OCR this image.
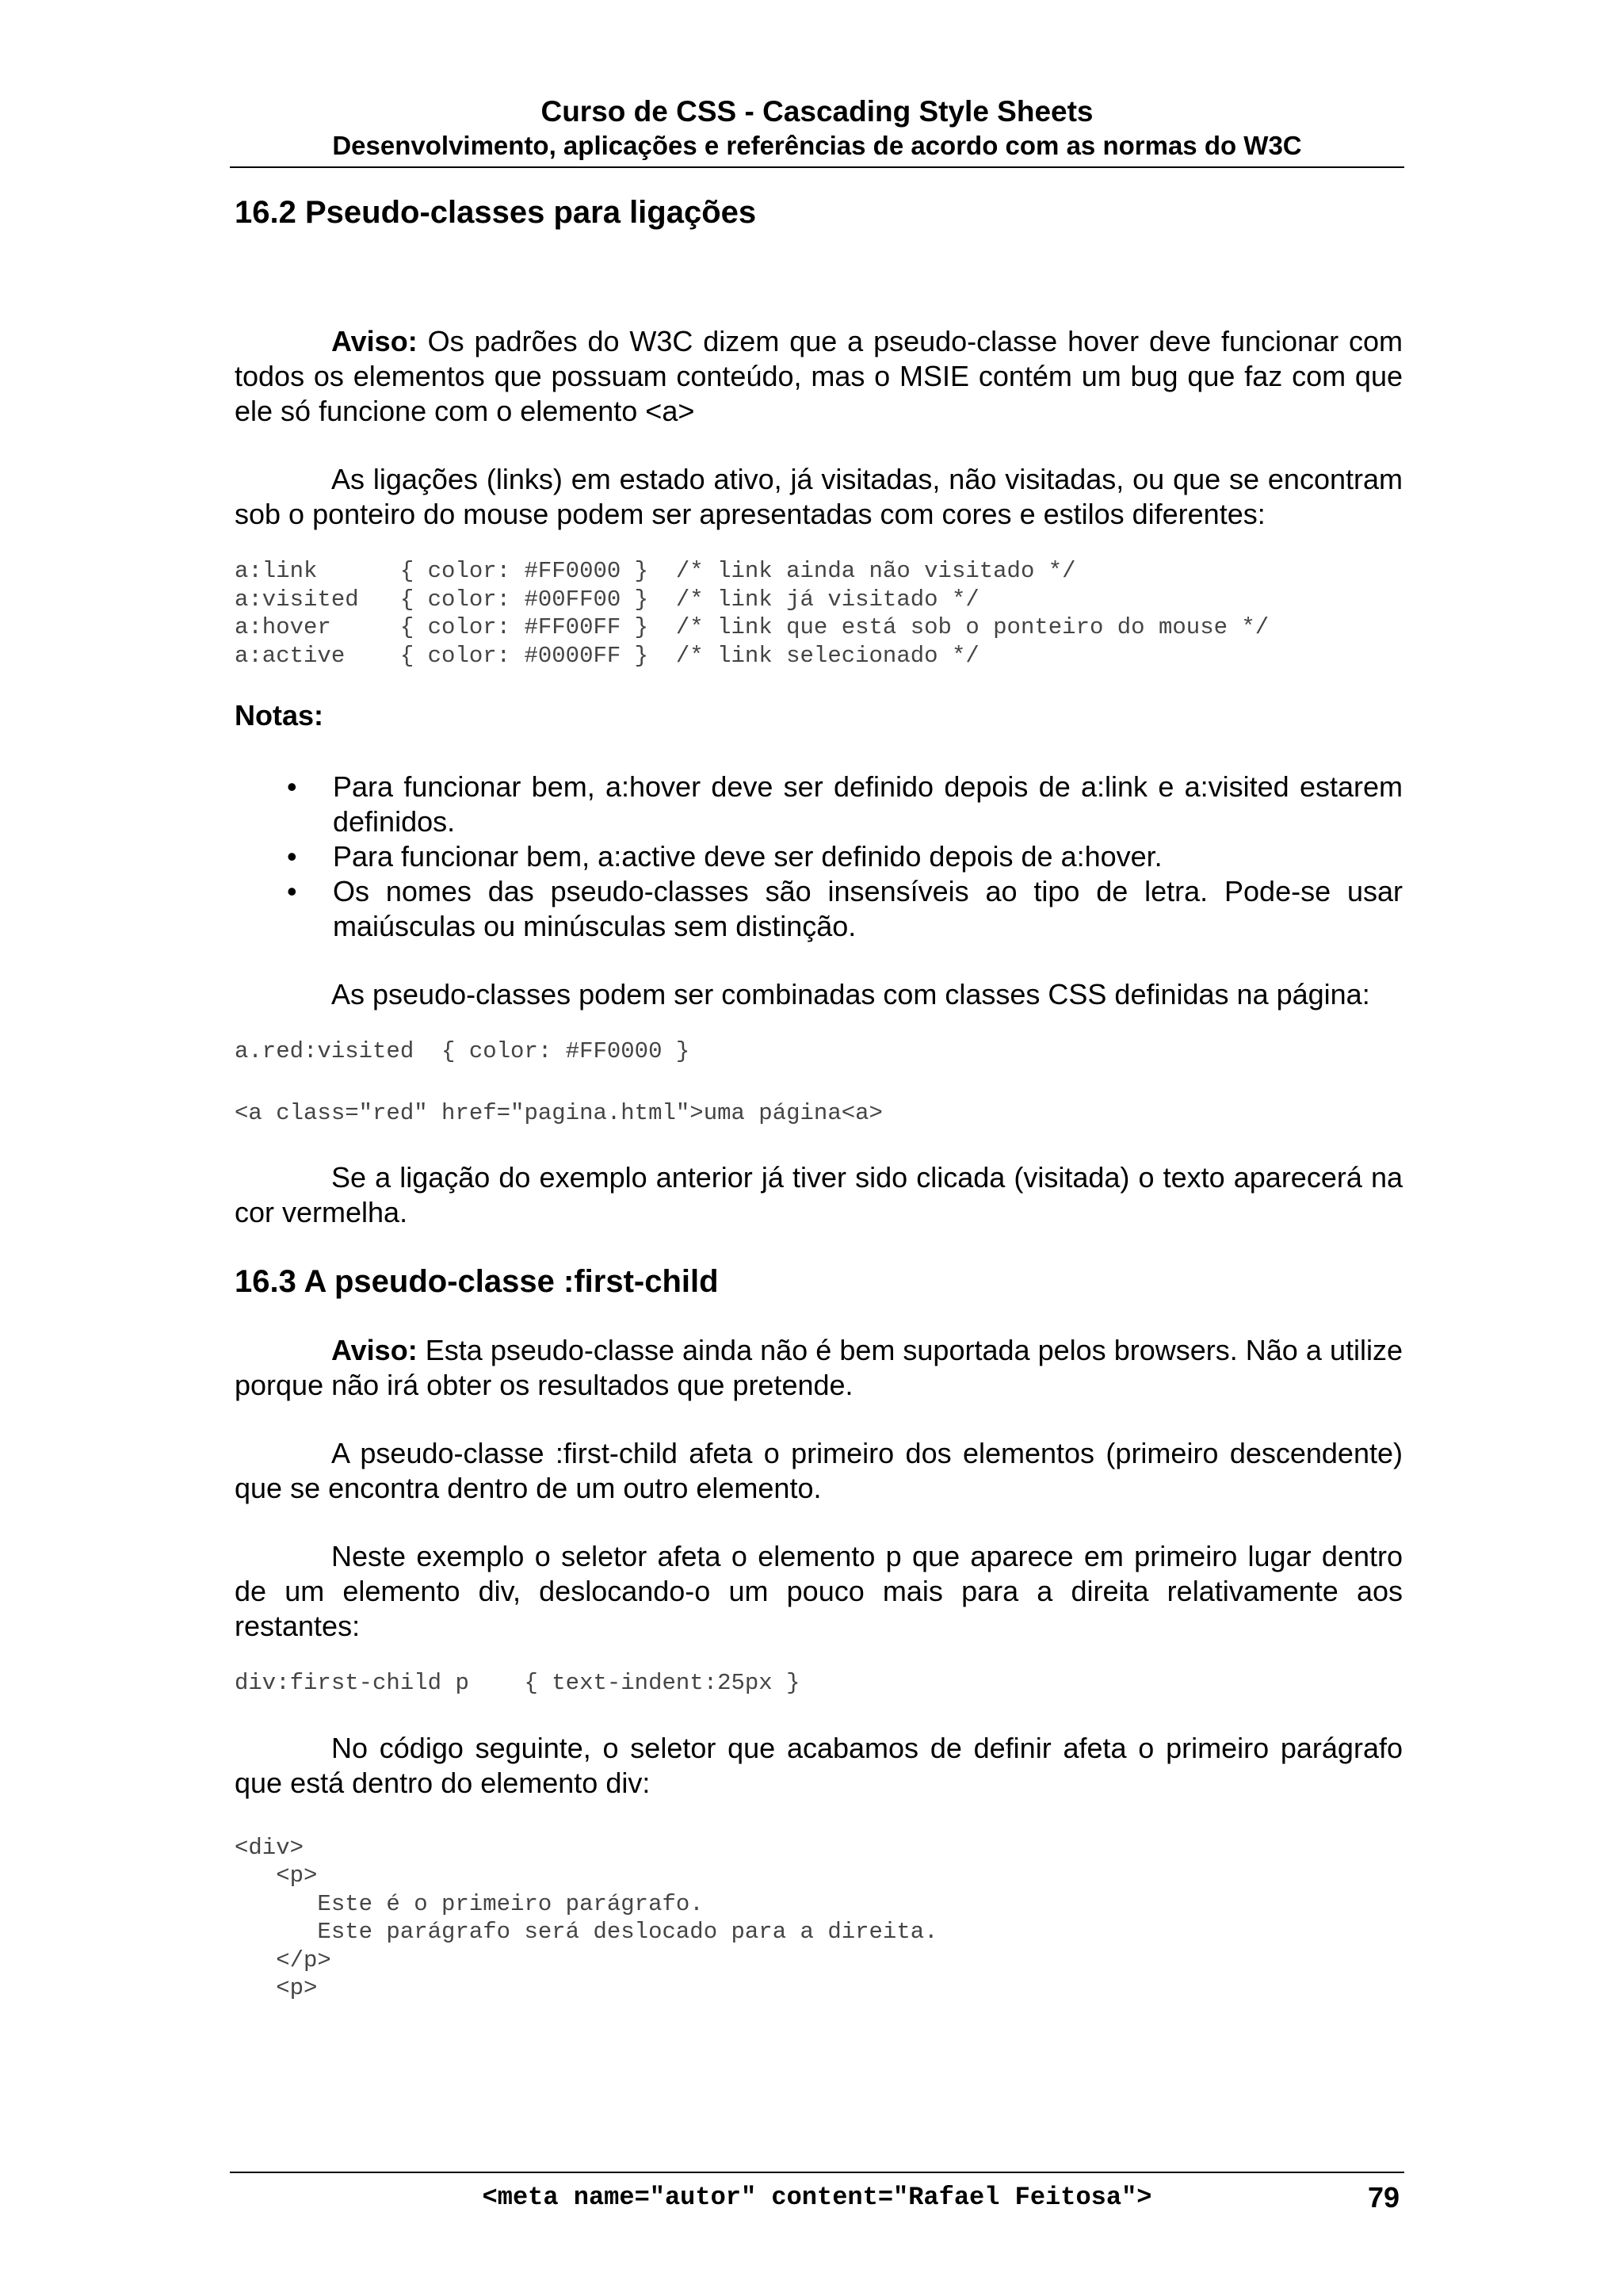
Curso de CSS - Cascading Style Sheets
Desenvolvimento, aplicações e referências de acordo com as normas do W3C
16.2 Pseudo-classes para ligações

Aviso: Os padrões do W3C dizem que a pseudo-classe hover deve funcionar com todos os elementos que possuam conteúdo, mas o MSIE contém um bug que faz com que ele só funcione com o elemento <a>

As ligações (links) em estado ativo, já visitadas, não visitadas, ou que se encontram sob o ponteiro do mouse podem ser apresentadas com cores e estilos diferentes:

a:link      { color: #FF0000 }  /* link ainda não visitado */
a:visited   { color: #00FF00 }  /* link já visitado */
a:hover     { color: #FF00FF }  /* link que está sob o ponteiro do mouse */
a:active    { color: #0000FF }  /* link selecionado */
Notas:
• Para funcionar bem, a:hover deve ser definido depois de a:link e a:visited estarem definidos.
• Para funcionar bem, a:active deve ser definido depois de a:hover.
• Os nomes das pseudo-classes são insensíveis ao tipo de letra. Pode-se usar maiúsculas ou minúsculas sem distinção.

As pseudo-classes podem ser combinadas com classes CSS definidas na página:

a.red:visited  { color: #FF0000 }
<a class="red" href="pagina.html">uma página<a>

Se a ligação do exemplo anterior já tiver sido clicada (visitada) o texto aparecerá na cor vermelha.

16.3 A pseudo-classe :first-child

Aviso: Esta pseudo-classe ainda não é bem suportada pelos browsers. Não a utilize porque não irá obter os resultados que pretende.

A pseudo-classe :first-child afeta o primeiro dos elementos (primeiro descendente) que se encontra dentro de um outro elemento.

Neste exemplo o seletor afeta o elemento p que aparece em primeiro lugar dentro de um elemento div, deslocando-o um pouco mais para a direita relativamente aos restantes:

div:first-child p    { text-indent:25px }

No código seguinte, o seletor que acabamos de definir afeta o primeiro parágrafo que está dentro do elemento div:

<div>
<p>
Este é o primeiro parágrafo.
Este parágrafo será deslocado para a direita.
</p>
<p>
<meta name="autor" content="Rafael Feitosa">	79
